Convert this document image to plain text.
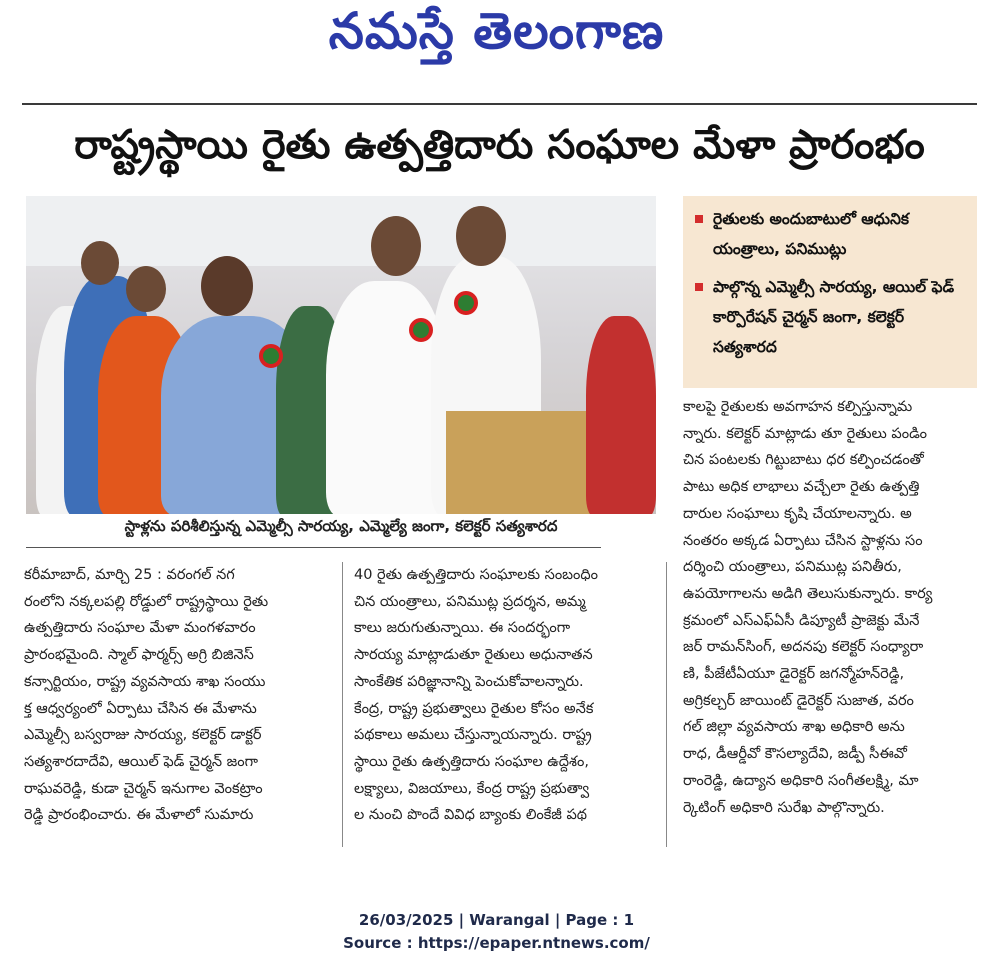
నమస్తే తెలంగాణ
రాష్ట్రస్థాయి రైతు ఉత్పత్తిదారు సంఘాల మేళా ప్రారంభం
స్టాళ్లను పరిశీలిస్తున్న ఎమ్మెల్సీ సారయ్య, ఎమ్మెల్యే జంగా, కలెక్టర్ సత్యశారద
రైతులకు అందుబాటులో ఆధునిక యంత్రాలు, పనిముట్లు
పాల్గొన్న ఎమ్మెల్సీ సారయ్య, ఆయిల్ ఫెడ్ కార్పొరేషన్ చైర్మన్ జంగా, కలెక్టర్ సత్యశారద
కరీమాబాద్, మార్చి 25 : వరంగల్ నగ
రంలోని నక్కలపల్లి రోడ్డులో రాష్ట్రస్థాయి రైతు
ఉత్పత్తిదారు సంఘాల మేళా మంగళవారం
ప్రారంభమైంది. స్మాల్ ఫార్మర్స్ అగ్రి బిజినెస్
కన్సార్టియం, రాష్ట్ర వ్యవసాయ శాఖ సంయు
క్త ఆధ్వర్యంలో ఏర్పాటు చేసిన ఈ మేళాను
ఎమ్మెల్సీ బస్వరాజు సారయ్య, కలెక్టర్ డాక్టర్
సత్యశారదాదేవి, ఆయిల్ ఫెడ్ చైర్మన్ జంగా
రాఘవరెడ్డి, కుడా చైర్మన్ ఇనుగాల వెంకట్రాం
రెడ్డి ప్రారంభించారు. ఈ మేళాలో సుమారు
40 రైతు ఉత్పత్తిదారు సంఘాలకు సంబంధిం
చిన యంత్రాలు, పనిముట్ల ప్రదర్శన, అమ్మ
కాలు జరుగుతున్నాయి. ఈ సందర్భంగా
సారయ్య మాట్లాడుతూ రైతులు అధునాతన
సాంకేతిక పరిజ్ఞానాన్ని పెంచుకోవాలన్నారు.
కేంద్ర, రాష్ట్ర ప్రభుత్వాలు రైతుల కోసం అనేక
పథకాలు అమలు చేస్తున్నాయన్నారు. రాష్ట్ర
స్థాయి రైతు ఉత్పత్తిదారు సంఘాల ఉద్దేశం,
లక్ష్యాలు, విజయాలు, కేంద్ర రాష్ట్ర ప్రభుత్వా
ల నుంచి పొందే వివిధ బ్యాంకు లింకేజీ పథ
కాలపై రైతులకు అవగాహన కల్పిస్తున్నామ
న్నారు. కలెక్టర్ మాట్లాడు తూ రైతులు పండిం
చిన పంటలకు గిట్టుబాటు ధర కల్పించడంతో
పాటు అధిక లాభాలు వచ్చేలా రైతు ఉత్పత్తి
దారుల సంఘాలు కృషి చేయాలన్నారు. అ
నంతరం అక్కడ ఏర్పాటు చేసిన స్టాళ్లను సం
దర్శించి యంత్రాలు, పనిముట్ల పనితీరు,
ఉపయోగాలను అడిగి తెలుసుకున్నారు. కార్య
క్రమంలో ఎస్ఎఫ్ఏసీ డిప్యూటీ ప్రాజెక్టు మేనే
జర్ రామన్‌సింగ్, అదనపు కలెక్టర్ సంధ్యారా
ణి, పీజేటీఏయూ డైరెక్టర్ జగన్మోహన్‌రెడ్డి,
అగ్రికల్చర్ జాయింట్ డైరెక్టర్ సుజాత, వరం
గల్ జిల్లా వ్యవసాయ శాఖ అధికారి అను
రాధ, డీఆర్డీవో కౌసల్యాదేవి, జడ్పీ సీఈవో
రాంరెడ్డి, ఉద్యాన అధికారి సంగీతలక్ష్మి, మా
ర్కెటింగ్ అధికారి సురేఖ పాల్గొన్నారు.
26/03/2025 | Warangal | Page : 1
Source : https://epaper.ntnews.com/
